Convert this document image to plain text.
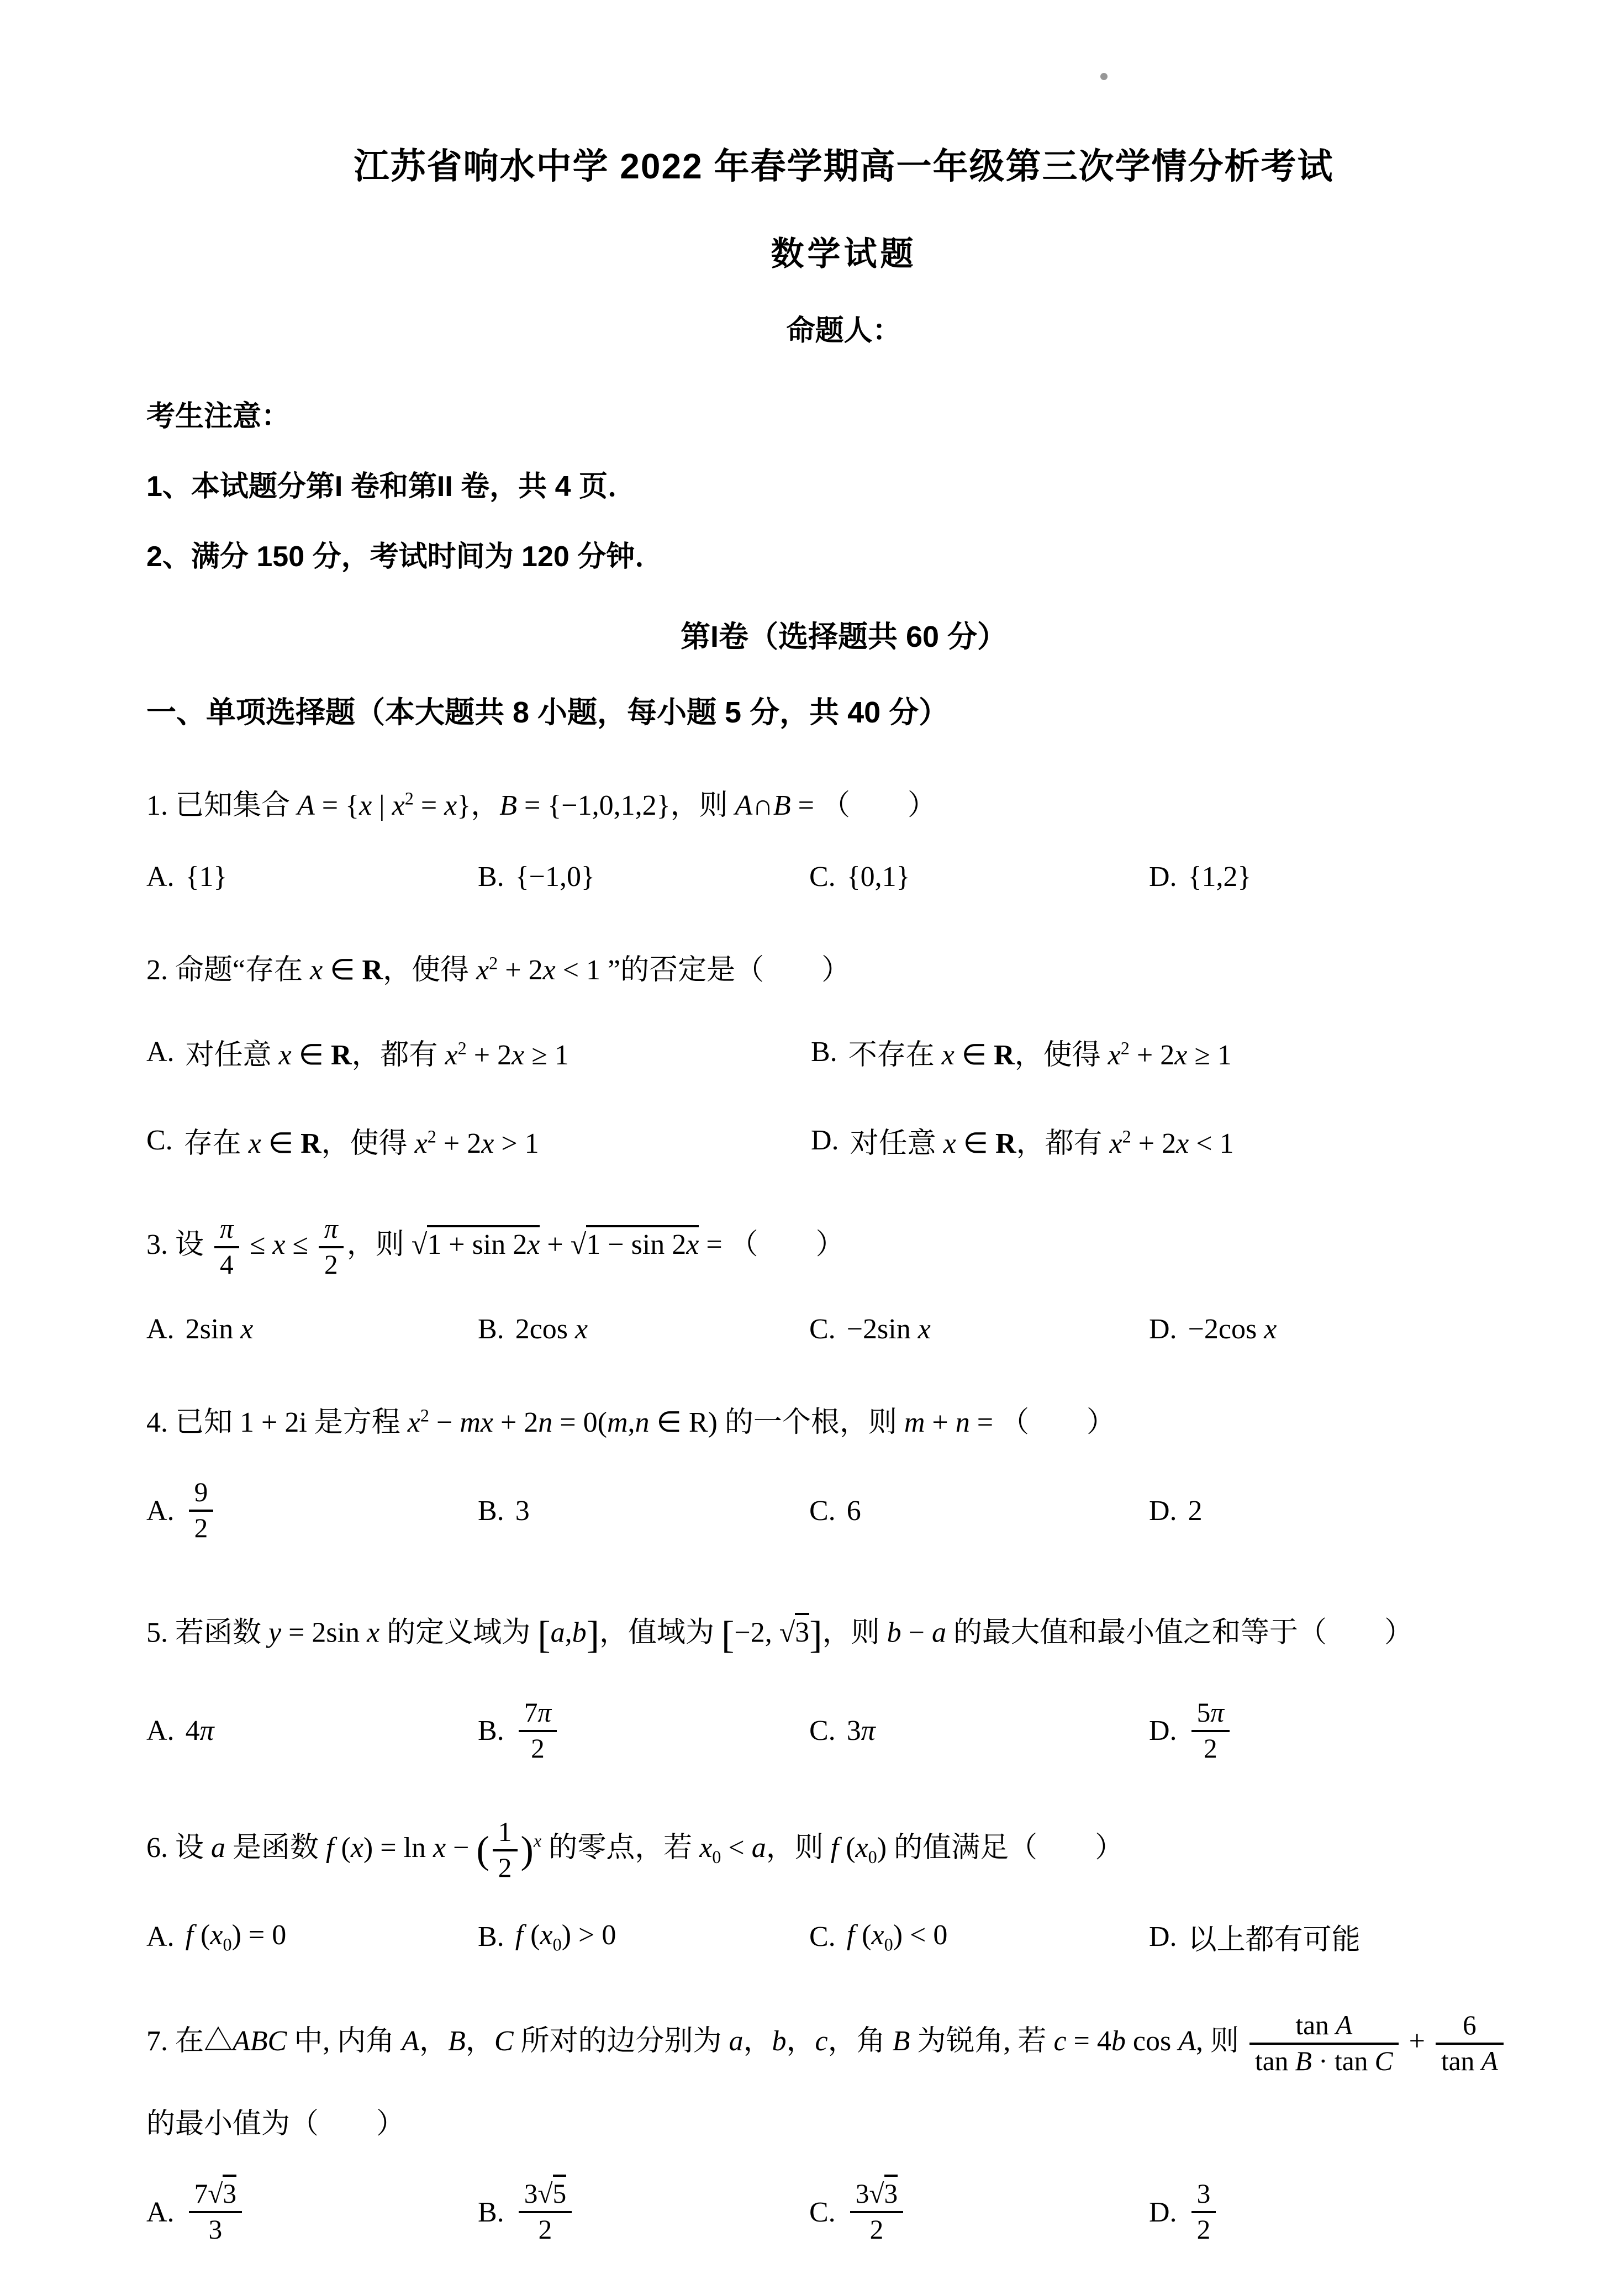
江苏省响水中学 2022 年春学期高一年级第三次学情分析考试
数学试题
命题人：
考生注意：
1、本试题分第I 卷和第II 卷，共 4 页．
2、满分 150 分，考试时间为 120 分钟．
第I卷（选择题共 60 分）
一、单项选择题（本大题共 8 小题，每小题 5 分，共 40 分）
1. 已知集合 A = {x | $x^2 = x$}，B = {−1,0,1,2}，则 A∩B = （　　）
A. {1}	B. {−1,0}	C. {0,1}	D. {1,2}
2. 命题“存在 x ∈ R，使得 $x^2 + 2x < 1$ ”的否定是（　　）
A. 对任意 x ∈ R，都有 $x^2 + 2x \ge 1$	B. 不存在 x ∈ R，使得 $x^2 + 2x \ge 1$
C. 存在 x ∈ R，使得 $x^2 + 2x > 1$	D. 对任意 x ∈ R，都有 $x^2 + 2x < 1$
3. 设 $\frac{\pi}{4} \le x \le \frac{\pi}{2}$ ，则 √1 + sin 2x + √1 − sin 2x = （　　）
A. 2sin x	B. 2cos x	C. −2sin x	D. −2cos x
4. 已知 1 + 2i 是方程 $x^2$ − mx + 2n = 0(m,n ∈ R) 的一个根，则 m + n = （　　）
A. $\frac{9}{2}$	B. 3	C. 6	D. 2
5. 若函数 y = 2sin x 的定义域为 [a,b]，值域为 [−2, √3]，则 b − a 的最大值和最小值之和等于（　　）
A. 4π	B. $\frac{7\pi}{2}$	C. 3π	D. $\frac{5\pi}{2}$
6. 设 a 是函数 f (x) = ln x − ( $\frac{1}{2} )^x$ 的零点，若 $x_0 < a$，则 f $(x_0)$ 的值满足（　　）
A. f $(x_0) = 0$	B. f $(x_0) > 0$	C. f $(x_0) < 0$	D. 以上都有可能
7. 在△ABC 中, 内角 A，B，C 所对的边分别为 a，b，c，角 B 为锐角, 若 c = 4b cos A, 则 $\frac{\text{tan A}}{\text{tan B · tan C}} + \frac{6}{\text{tan A}}$
的最小值为（　　）
A. $\frac{7√3}{3}$	B. $\frac{3√5}{2}$	C. $\frac{3√3}{2}$	D. $\frac{3}{2}$
